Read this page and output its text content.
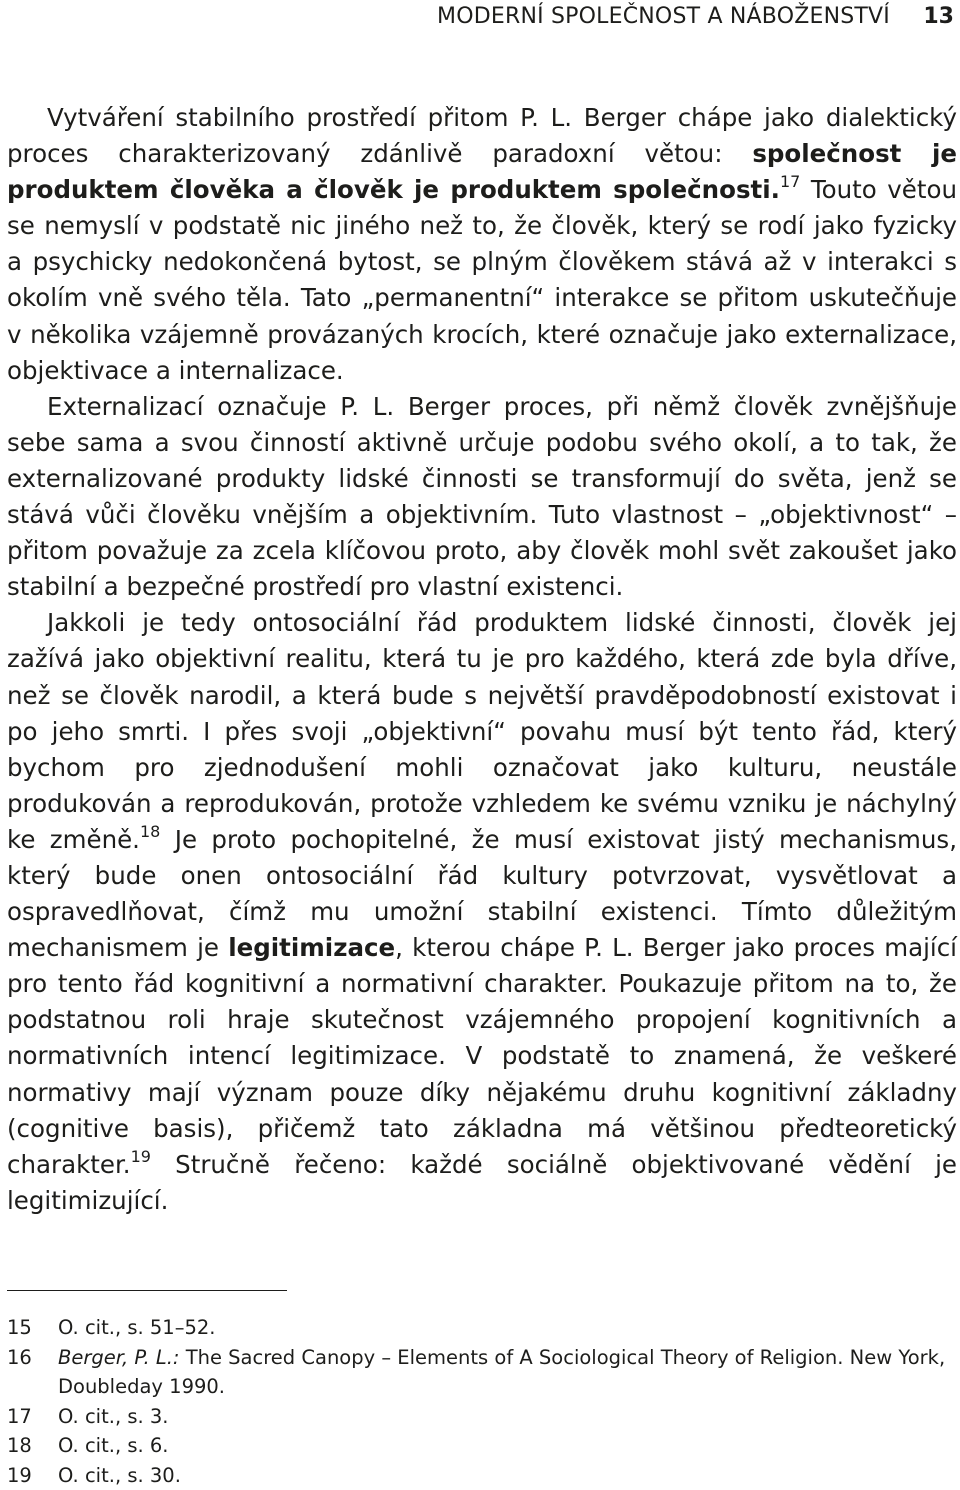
MODERNÍ SPOLEČNOST A NÁBOŽENSTVÍ 13

Vytváření stabilního prostředí přitom P. L. Berger chápe jako dialektický proces charakterizovaný zdánlivě paradoxní větou: společnost je produktem člověka a člověk je produktem společnosti.$^{17}$ Touto větou se nemyslí v podstatě nic jiného než to, že člověk, který se rodí jako fyzicky a psychicky nedokončená bytost, se plným člověkem stává až v interakci s okolím vně svého těla. Tato „permanentní“ interakce se přitom uskutečňuje v několika vzájemně provázaných krocích, které označuje jako externalizace, objektivace a internalizace.

Externalizací označuje P. L. Berger proces, při němž člověk zvnějšňuje sebe sama a svou činností aktivně určuje podobu svého okolí, a to tak, že externalizované produkty lidské činnosti se transformují do světa, jenž se stává vůči člověku vnějším a objektivním. Tuto vlastnost – „objektivnost“ – přitom považuje za zcela klíčovou proto, aby člověk mohl svět zakoušet jako stabilní a bezpečné prostředí pro vlastní existenci.

Jakkoli je tedy ontosociální řád produktem lidské činnosti, člověk jej zažívá jako objektivní realitu, která tu je pro každého, která zde byla dříve, než se člověk narodil, a která bude s největší pravděpodobností existovat i po jeho smrti. I přes svoji „objektivní“ povahu musí být tento řád, který bychom pro zjednodušení mohli označovat jako kulturu, neustále produkován a reprodukován, protože vzhledem ke svému vzniku je náchylný ke změně.$^{18}$ Je proto pochopitelné, že musí existovat jistý mechanismus, který bude onen ontosociální řád kultury potvrzovat, vysvětlovat a ospravedlňovat, čímž mu umožní stabilní existenci. Tímto důležitým mechanismem je legitimizace, kterou chápe P. L. Berger jako proces mající pro tento řád kognitivní a normativní charakter. Poukazuje přitom na to, že podstatnou roli hraje skutečnost vzájemného propojení kognitivních a normativních intencí legitimizace. V podstatě to znamená, že veškeré normativy mají význam pouze díky nějakému druhu kognitivní základny (cognitive basis), přičemž tato základna má většinou předteoretický charakter.$^{19}$ Stručně řečeno: každé sociálně objektivované vědění je legitimizující.

15	O. cit., s. 51–52.
16	Berger, P. L.: The Sacred Canopy – Elements of A Sociological Theory of Religion. New York, Doubleday 1990.
17	O. cit., s. 3.
18	O. cit., s. 6.
19	O. cit., s. 30.
